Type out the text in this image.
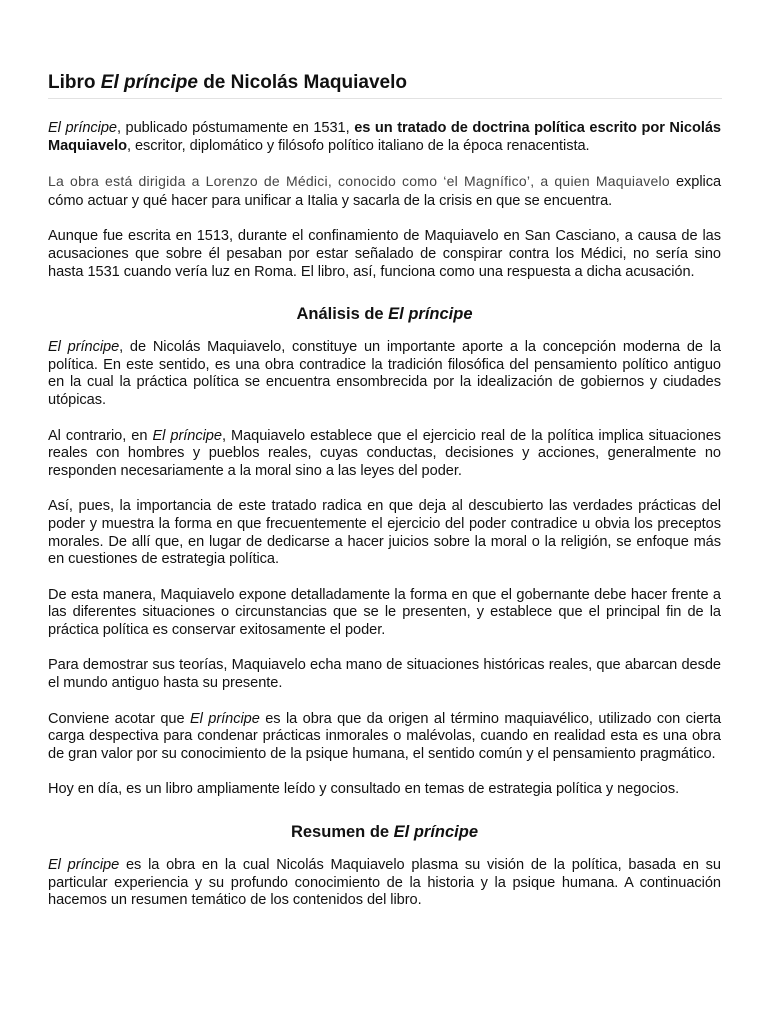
Libro El príncipe de Nicolás Maquiavelo

El príncipe, publicado póstumamente en 1531, es un tratado de doctrina política escrito por Nicolás Maquiavelo, escritor, diplomático y filósofo político italiano de la época renacentista.

La obra está dirigida a Lorenzo de Médici, conocido como ‘el Magnífico’, a quien Maquiavelo explica cómo actuar y qué hacer para unificar a Italia y sacarla de la crisis en que se encuentra.

Aunque fue escrita en 1513, durante el confinamiento de Maquiavelo en San Casciano, a causa de las acusaciones que sobre él pesaban por estar señalado de conspirar contra los Médici, no sería sino hasta 1531 cuando vería luz en Roma. El libro, así, funciona como una respuesta a dicha acusación.

Análisis de El príncipe

El príncipe, de Nicolás Maquiavelo, constituye un importante aporte a la concepción moderna de la política. En este sentido, es una obra contradice la tradición filosófica del pensamiento político antiguo en la cual la práctica política se encuentra ensombrecida por la idealización de gobiernos y ciudades utópicas.

Al contrario, en El príncipe, Maquiavelo establece que el ejercicio real de la política implica situaciones reales con hombres y pueblos reales, cuyas conductas, decisiones y acciones, generalmente no responden necesariamente a la moral sino a las leyes del poder.

Así, pues, la importancia de este tratado radica en que deja al descubierto las verdades prácticas del poder y muestra la forma en que frecuentemente el ejercicio del poder contradice u obvia los preceptos morales. De allí que, en lugar de dedicarse a hacer juicios sobre la moral o la religión, se enfoque más en cuestiones de estrategia política.

De esta manera, Maquiavelo expone detalladamente la forma en que el gobernante debe hacer frente a las diferentes situaciones o circunstancias que se le presenten, y establece que el principal fin de la práctica política es conservar exitosamente el poder.

Para demostrar sus teorías, Maquiavelo echa mano de situaciones históricas reales, que abarcan desde el mundo antiguo hasta su presente.

Conviene acotar que El príncipe es la obra que da origen al término maquiavélico, utilizado con cierta carga despectiva para condenar prácticas inmorales o malévolas, cuando en realidad esta es una obra de gran valor por su conocimiento de la psique humana, el sentido común y el pensamiento pragmático.

Hoy en día, es un libro ampliamente leído y consultado en temas de estrategia política y negocios.

Resumen de El príncipe

El príncipe es la obra en la cual Nicolás Maquiavelo plasma su visión de la política, basada en su particular experiencia y su profundo conocimiento de la historia y la psique humana. A continuación hacemos un resumen temático de los contenidos del libro.
